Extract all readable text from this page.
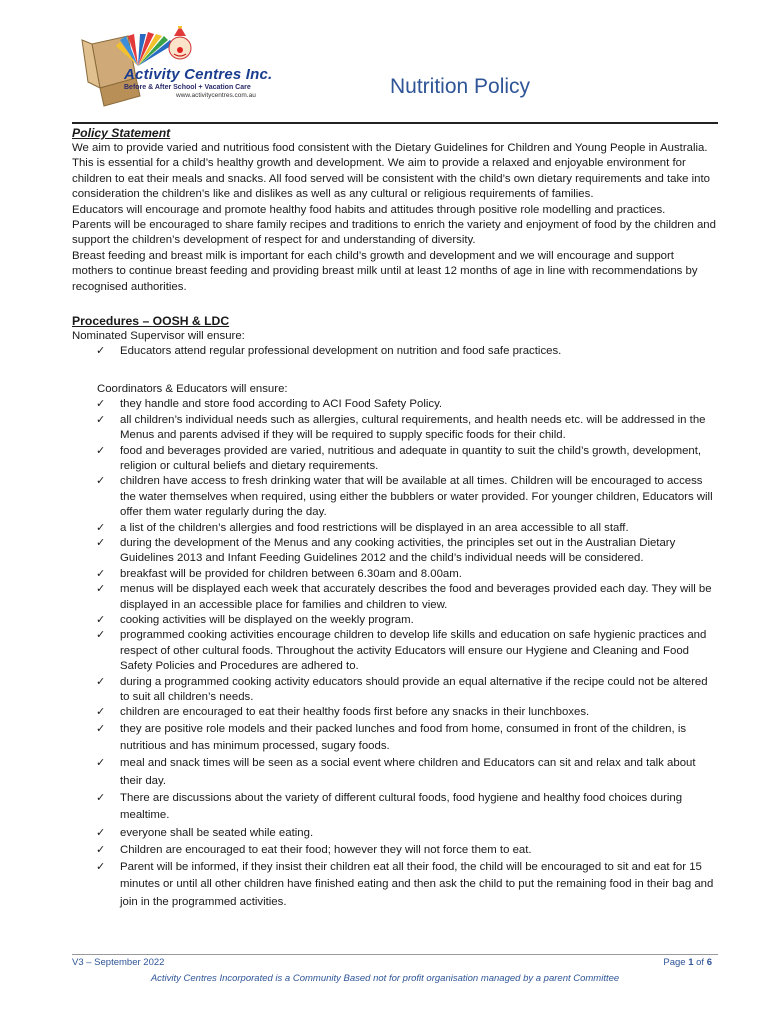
Activity Centres Inc.
Before & After School + Vacation Care
www.activitycentres.com.au	Nutrition Policy

Policy Statement

We aim to provide varied and nutritious food consistent with the Dietary Guidelines for Children and Young People in Australia. This is essential for a child’s healthy growth and development. We aim to provide a relaxed and enjoyable environment for children to eat their meals and snacks. All food served will be consistent with the child’s own dietary requirements and take into consideration the children’s like and dislikes as well as any cultural or religious requirements of families.

Educators will encourage and promote healthy food habits and attitudes through positive role modelling and practices.

Parents will be encouraged to share family recipes and traditions to enrich the variety and enjoyment of food by the children and support the children’s development of respect for and understanding of diversity.

Breast feeding and breast milk is important for each child’s growth and development and we will encourage and support mothers to continue breast feeding and providing breast milk until at least 12 months of age in line with recommendations by recognised authorities.

Procedures – OOSH & LDC

Nominated Supervisor will ensure:

✓ Educators attend regular professional development on nutrition and food safe practices.

Coordinators & Educators will ensure:

✓ they handle and store food according to ACI Food Safety Policy.
✓ all children’s individual needs such as allergies, cultural requirements, and health needs etc. will be addressed in the Menus and parents advised if they will be required to supply specific foods for their child.
✓ food and beverages provided are varied, nutritious and adequate in quantity to suit the child’s growth, development, religion or cultural beliefs and dietary requirements.
✓ children have access to fresh drinking water that will be available at all times. Children will be encouraged to access the water themselves when required, using either the bubblers or water provided. For younger children, Educators will offer them water regularly during the day.
✓ a list of the children’s allergies and food restrictions will be displayed in an area accessible to all staff.
✓ during the development of the Menus and any cooking activities, the principles set out in the Australian Dietary Guidelines 2013 and Infant Feeding Guidelines 2012 and the child’s individual needs will be considered.
✓ breakfast will be provided for children between 6.30am and 8.00am.
✓ menus will be displayed each week that accurately describes the food and beverages provided each day. They will be displayed in an accessible place for families and children to view.
✓ cooking activities will be displayed on the weekly program.
✓ programmed cooking activities encourage children to develop life skills and education on safe hygienic practices and respect of other cultural foods. Throughout the activity Educators will ensure our Hygiene and Cleaning and Food Safety Policies and Procedures are adhered to.
✓ during a programmed cooking activity educators should provide an equal alternative if the recipe could not be altered to suit all children’s needs.
✓ children are encouraged to eat their healthy foods first before any snacks in their lunchboxes.
✓ they are positive role models and their packed lunches and food from home, consumed in front of the children, is nutritious and has minimum processed, sugary foods.
✓ meal and snack times will be seen as a social event where children and Educators can sit and relax and talk about their day.
✓ There are discussions about the variety of different cultural foods, food hygiene and healthy food choices during mealtime.
✓ everyone shall be seated while eating.
✓ Children are encouraged to eat their food; however they will not force them to eat.
✓ Parent will be informed, if they insist their children eat all their food, the child will be encouraged to sit and eat for 15 minutes or until all other children have finished eating and then ask the child to put the remaining food in their bag and join in the programmed activities.
V3 – September 2022	Page 1 of 6
Activity Centres Incorporated is a Community Based not for profit organisation managed by a parent Committee
